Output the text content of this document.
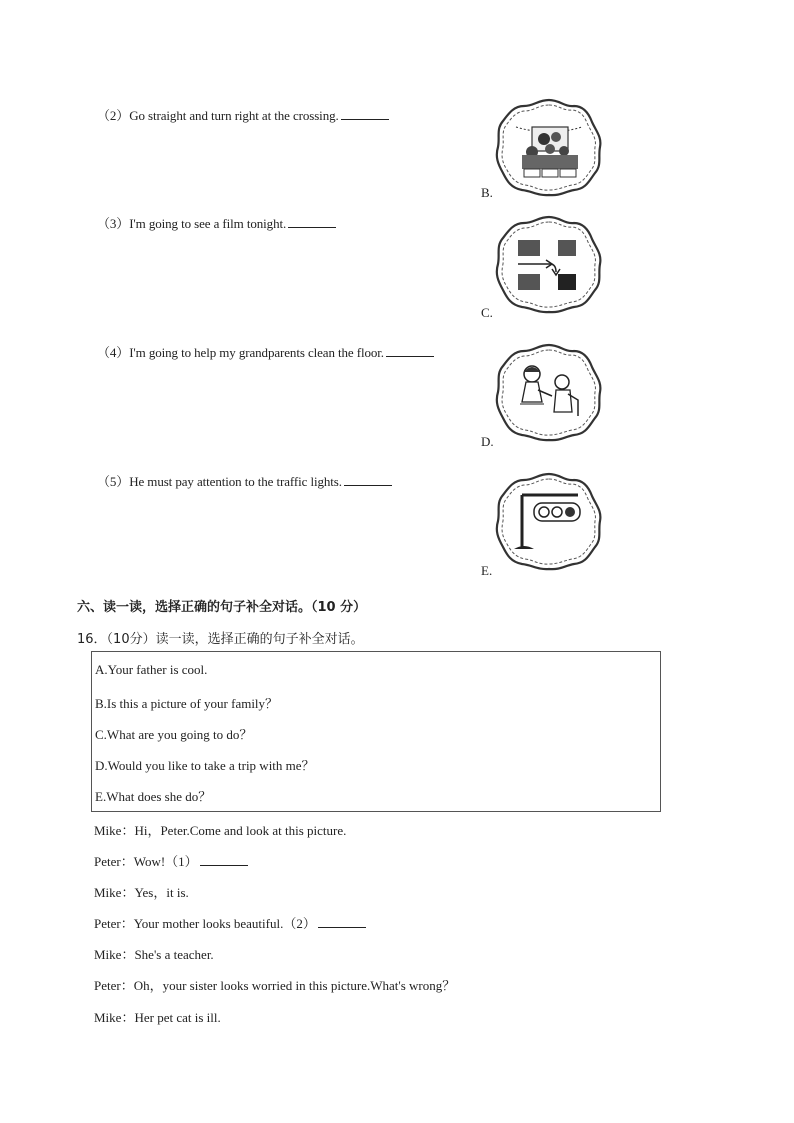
（2）Go straight and turn right at the crossing.
（3）I'm going to see a film tonight.
（4）I'm going to help my grandparents clean the floor.
（5）He must pay attention to the traffic lights.
B.
C.
D.
E.
六、读一读，选择正确的句子补全对话。（10 分）
16．（10分）读一读，选择正确的句子补全对话。
A.Your father is cool.
B.Is this a picture of your family？
C.What are you going to do？
D.Would you like to take a trip with me？
E.What does she do？
Mike：Hi，Peter.Come and look at this picture.
Peter：Wow!（1）
Mike：Yes，it is.
Peter：Your mother looks beautiful.（2）
Mike：She's a teacher.
Peter：Oh，your sister looks worried in this picture.What's wrong？
Mike：Her pet cat is ill.
